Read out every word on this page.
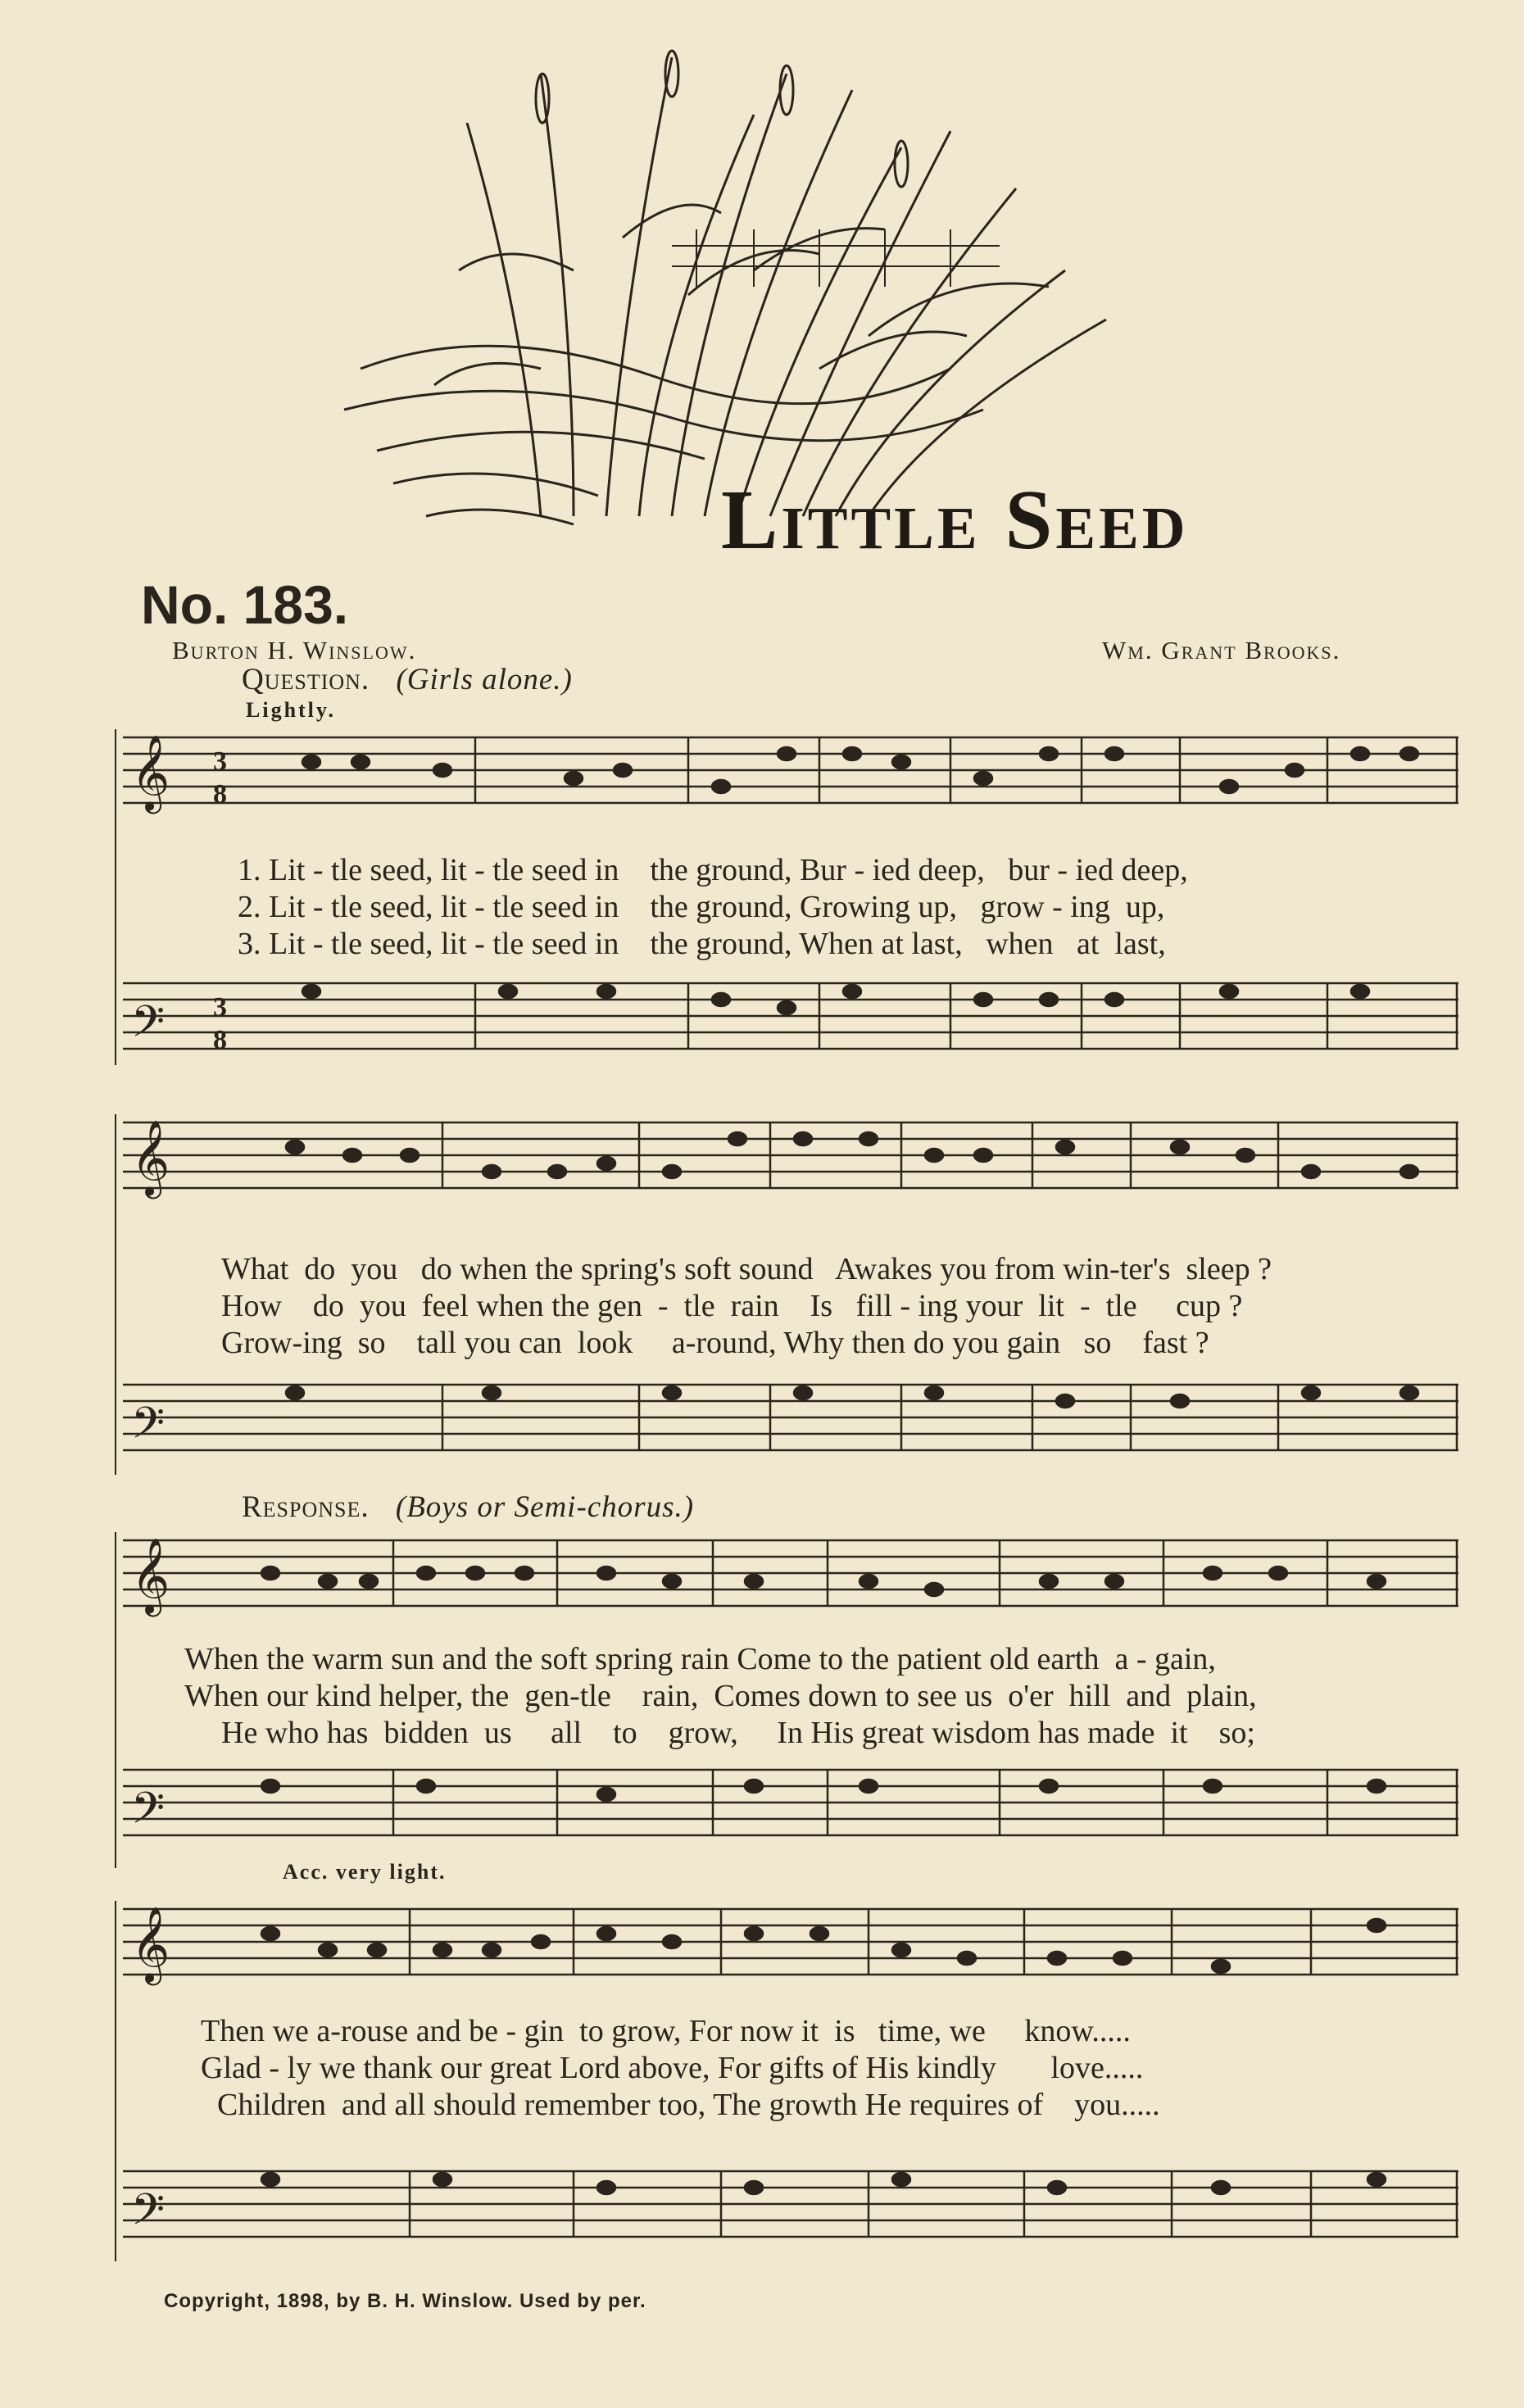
Little Seed
No. 183.
Burton H. Winslow.	Wm. Grant Brooks.
Question. (Girls alone.)
Lightly.
𝄞
𝄢
3
8
3
8
1. Lit - tle seed, lit - tle seed in    the ground, Bur - ied deep,   bur - ied deep,
2. Lit - tle seed, lit - tle seed in    the ground, Growing up,   grow - ing  up,
3. Lit - tle seed, lit - tle seed in    the ground, When at last,   when   at  last,
𝄞
𝄢
What  do  you   do when the spring's soft sound   Awakes you from win-ter's  sleep ?
How    do  you  feel when the gen  -  tle  rain    Is   fill - ing your  lit  -  tle     cup ?
Grow-ing  so    tall you can  look     a-round, Why then do you gain   so    fast ?
Response. (Boys or Semi-chorus.)
𝄞
𝄢
When the warm sun and the soft spring rain Come to the patient old earth  a - gain,
When our kind helper, the  gen-tle    rain,  Comes down to see us  o'er  hill  and  plain,
He who has  bidden  us     all    to    grow,     In His great wisdom has made  it    so;
Acc. very light.
𝄞
𝄢
Then we a-rouse and be - gin  to grow, For now it  is   time, we     know.....
Glad - ly we thank our great Lord above, For gifts of His kindly       love.....
Children  and all should remember too, The growth He requires of    you.....
Copyright, 1898, by B. H. Winslow. Used by per.
